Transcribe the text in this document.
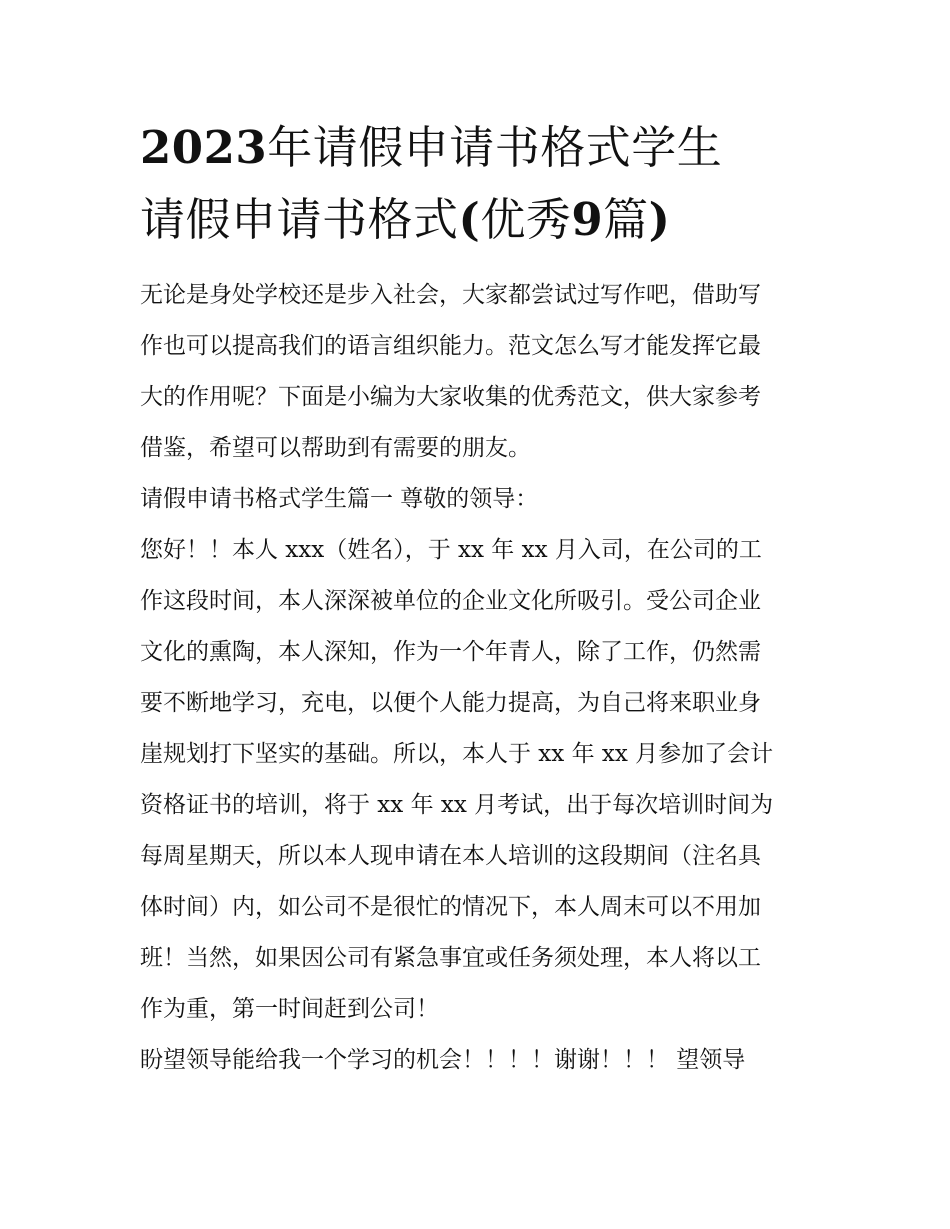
2023年请假申请书格式学生
请假申请书格式(优秀9篇)

无论是身处学校还是步入社会，大家都尝试过写作吧，借助写
作也可以提高我们的语言组织能力。范文怎么写才能发挥它最
大的作用呢？下面是小编为大家收集的优秀范文，供大家参考
借鉴，希望可以帮助到有需要的朋友。

请假申请书格式学生篇一 尊敬的领导：

您好！！本人 xxx（姓名），于 xx 年 xx 月入司，在公司的工
作这段时间，本人深深被单位的企业文化所吸引。受公司企业
文化的熏陶，本人深知，作为一个年青人，除了工作，仍然需
要不断地学习，充电，以便个人能力提高，为自己将来职业身
崖规划打下坚实的基础。所以，本人于 xx 年 xx 月参加了会计
资格证书的培训，将于 xx 年 xx 月考试，出于每次培训时间为
每周星期天，所以本人现申请在本人培训的这段期间（注名具
体时间）内，如公司不是很忙的情况下，本人周末可以不用加
班！当然，如果因公司有紧急事宜或任务须处理，本人将以工
作为重，第一时间赶到公司！

盼望领导能给我一个学习的机会！！！！谢谢！！！ 望领导
